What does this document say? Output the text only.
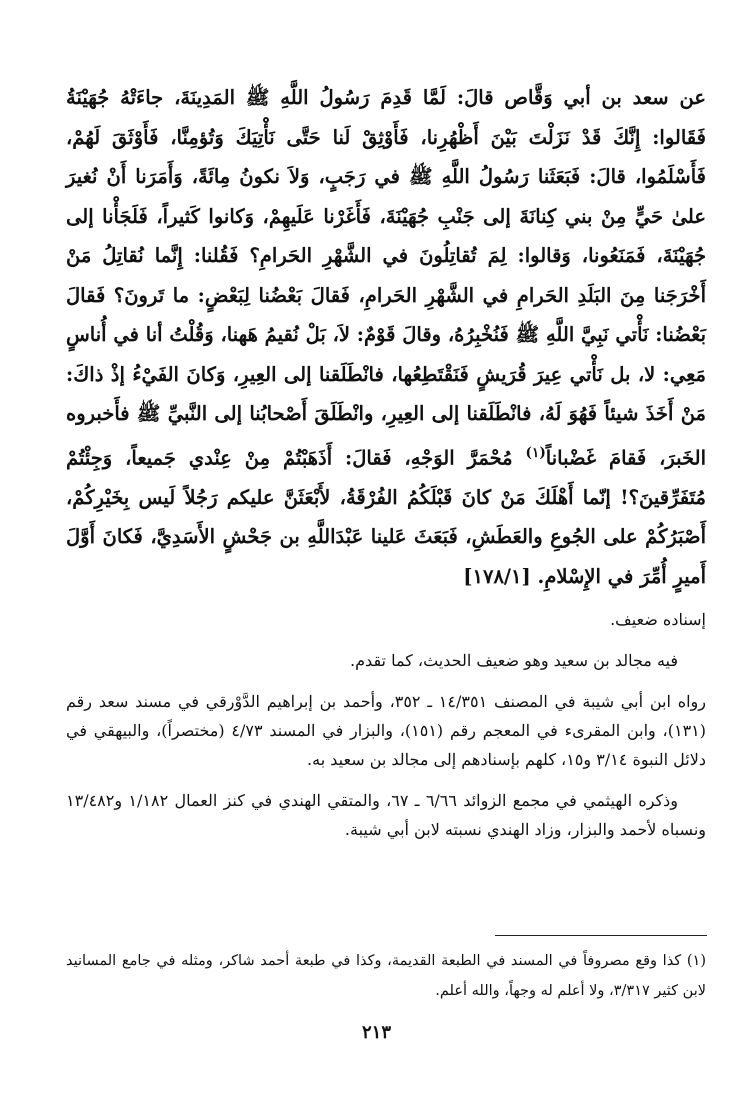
عن سعد بن أبي وَقَّاص قالَ: لَمَّا قَدِمَ رَسُولُ اللَّهِ ﷺ المَدِينَةَ، جاءَتْهُ جُهَيْنَةُ فَقَالوا: إِنَّكَ قَدْ نَزَلْتَ بَيْنَ أَظْهُرِنا، فَأَوْثِقْ لَنا حَتَّى نَأْتِيَكَ وَتُؤمِنَّا، فَأَوْثَقَ لَهُمْ، فَأَسْلَمُوا، قالَ: فَبَعَثَنا رَسُولُ اللَّهِ ﷺ في رَجَبٍ، وَلاَ نكونُ مِائَةً، وَأَمَرَنا أَنْ نُغيرَ علىٰ حَيٍّ مِنْ بني كِنانَةَ إلى جَنْبِ جُهَيْنَةَ، فَأَغَرْنا عَلَيهِمْ، وَكانوا كَثيراً، فَلَجَأْنا إلى جُهَيْنَةَ، فَمَنَعُونا، وَقالوا: لِمَ تُقاتِلُونَ في الشَّهْرِ الحَرامِ؟ فَقُلنا: إِنَّما نُقاتِلُ مَنْ أَخْرَجَنا مِنَ البَلَدِ الحَرامِ في الشَّهْرِ الحَرامِ، فَقالَ بَعْضُنا لِبَعْضٍ: ما تَرونَ؟ فَقالَ بَعْضُنا: نَأْتي نَبِيَّ اللَّهِ ﷺ فَنُخْبِرُهُ، وقالَ قَوْمٌ: لاَ، بَلْ نُقيمُ هَهنا، وَقُلْتُ أنا في أُناسٍ مَعِي: لا، بل نَأْتي عِيرَ قُرَيشٍ فَنَقْتَطِعُها، فانْطَلَقنا إلى العِيرِ، وَكانَ الفَيْءُ إذْ ذاكَ: مَنْ أَخَذَ شيئاً فَهُوَ لَهُ، فانْطَلَقنا إلى العِيرِ، وانْطَلَقَ أَصْحابُنا إلى النَّبيِّ ﷺ فأَخبروه الخَبرَ، فَقامَ غَضْباناً$^{(١)}$ مُحْمَرَّ الوَجْهِ، فَقالَ: أَذَهَبْتُمْ مِنْ عِنْدي جَميعاً، وَجِئْتُمْ مُتَفَرِّقينَ؟! إنّما أَهْلَكَ مَنْ كانَ قَبْلَكُمُ الفُرْقَةُ، لأَبْعَثَنَّ عليكم رَجُلاً لَيس بِخَيْرِكُمْ، أَصْبَرُكُمْ على الجُوعِ والعَطَشِ، فَبَعَثَ عَلينا عَبْدَاللَّهِ بن جَحْشٍ الأَسَدِيَّ، فَكانَ أَوَّلَ أَميرٍ أُمِّرَ في الإِسْلامِ. [١٧٨/١]

إسناده ضعيف.

فيه مجالد بن سعيد وهو ضعيف الحديث، كما تقدم.

رواه ابن أبي شيبة في المصنف ١٤/٣٥١ ـ ٣٥٢، وأحمد بن إبراهيم الدَّوْرقي في مسند سعد رقم (١٣١)، وابن المقرىء في المعجم رقم (١٥١)، والبزار في المسند ٤/٧٣ (مختصراً)، والبيهقي في دلائل النبوة ٣/١٤ و١٥، كلهم بإسنادهم إلى مجالد بن سعيد به.

وذكره الهيثمي في مجمع الزوائد ٦/٦٦ ـ ٦٧، والمتقي الهندي في كنز العمال ١/١٨٢ و١٣/٤٨٢ ونسباه لأحمد والبزار، وزاد الهندي نسبته لابن أبي شيبة.

(١) كذا وقع مصروفاً في المسند في الطبعة القديمة، وكذا في طبعة أحمد شاكر، ومثله في جامع المسانيد لابن كثير ٣/٣١٧، ولا أعلم له وجهاً، والله أعلم.

٢١٣
